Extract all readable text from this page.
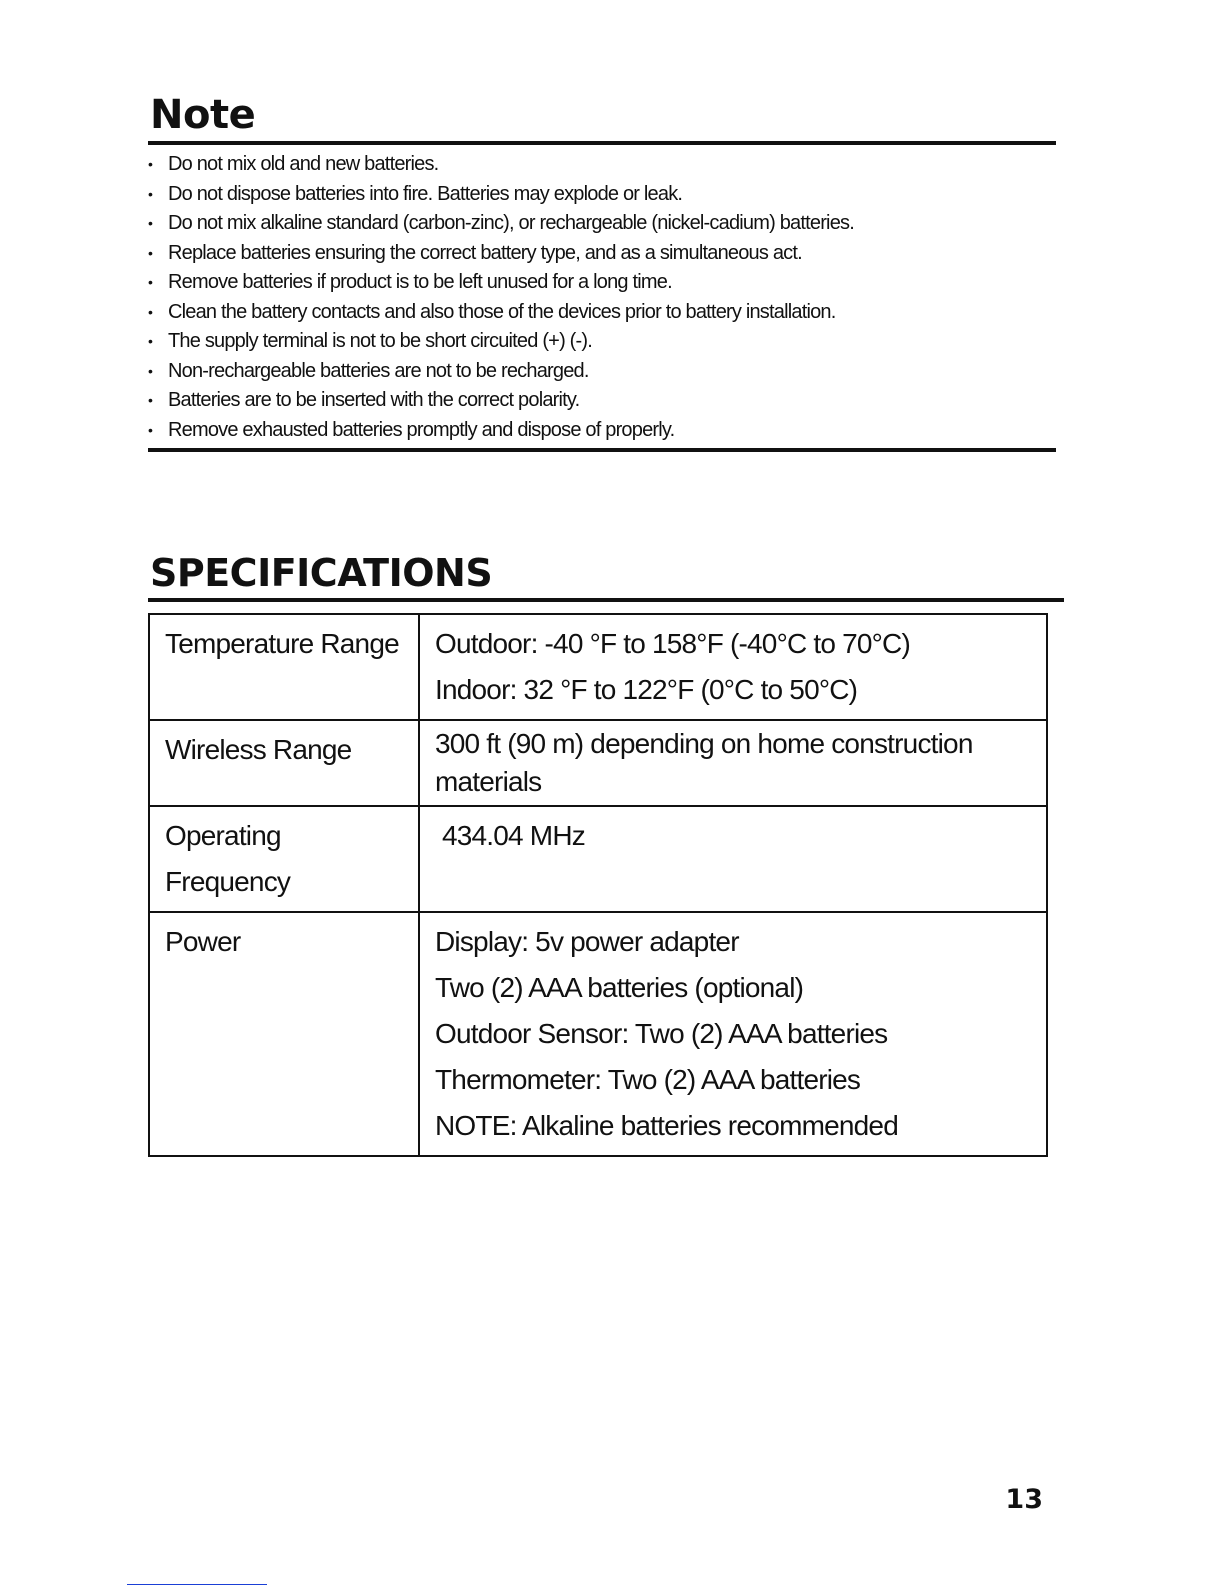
Note
• Do not mix old and new batteries.
• Do not dispose batteries into fire. Batteries may explode or leak.
• Do not mix alkaline standard (carbon-zinc), or rechargeable (nickel-cadium) batteries.
• Replace batteries ensuring the correct battery type, and as a simultaneous act.
• Remove batteries if product is to be left unused for a long time.
• Clean the battery contacts and also those of the devices prior to battery installation.
• The supply terminal is not to be short circuited (+) (-).
• Non-rechargeable batteries are not to be recharged.
• Batteries are to be inserted with the correct polarity.
• Remove exhausted batteries promptly and dispose of properly.
SPECIFICATIONS
Temperature Range	Outdoor: -40 °F to 158°F (-40°C to 70°C)
Indoor: 32 °F to 122°F (0°C to 50°C)

Wireless Range	300 ft (90 m) depending on home construction materials

Operating Frequency	434.04 MHz

Power	Display: 5v power adapter
Two (2) AAA batteries (optional)
Outdoor Sensor: Two (2) AAA batteries
Thermometer: Two (2) AAA batteries
NOTE: Alkaline batteries recommended
13
